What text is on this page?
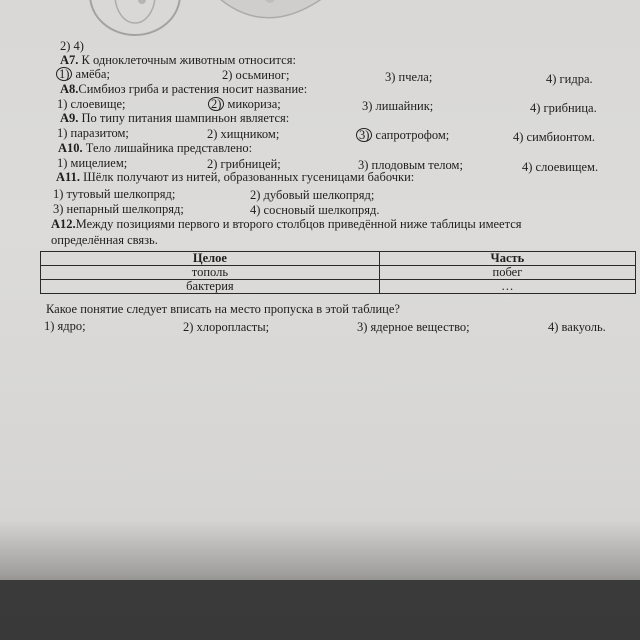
2) 4)
А7. К одноклеточным животным относится:
1) амёба;	2) осьминог;	3) пчела;	4) гидра.
А8.Симбиоз гриба и растения носит название:
1) слоевище;	2) микориза;	3) лишайник;	4) грибница.
А9. По типу питания шампиньон является:
1) паразитом;	2) хищником;	3) сапротрофом;	4) симбионтом.
А10. Тело лишайника представлено:
1) мицелием;	2) грибницей;	3) плодовым телом;	4) слоевищем.
А11. Шёлк получают из нитей, образованных гусеницами бабочки:
1) тутовый шелкопряд;	2) дубовый шелкопряд;
3) непарный шелкопряд;	4) сосновый шелкопряд.
А12.Между позициями первого и второго столбцов приведённой ниже таблицы имеется
определённая связь.
Целое	Часть
тополь	побег
бактерия	…
Какое понятие следует вписать на место пропуска в этой таблице?
1) ядро;	2) хлоропласты;	3) ядерное вещество;	4) вакуоль.
